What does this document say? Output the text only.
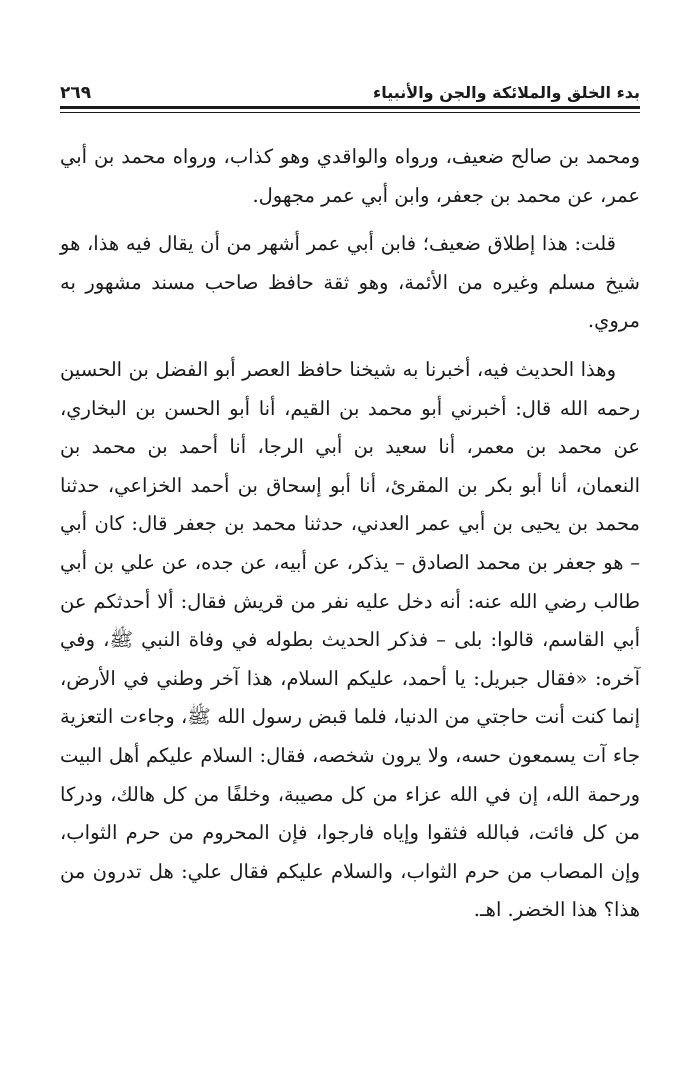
بدء الخلق والملائكة والجن والأنبياء
٢٦٩

ومحمد بن صالح ضعيف، ورواه والواقدي وهو كذاب، ورواه محمد بن أبي عمر، عن محمد بن جعفر، وابن أبي عمر مجهول.

قلت: هذا إطلاق ضعيف؛ فابن أبي عمر أشهر من أن يقال فيه هذا، هو شيخ مسلم وغيره من الأئمة، وهو ثقة حافظ صاحب مسند مشهور به مروي.

وهذا الحديث فيه، أخبرنا به شيخنا حافظ العصر أبو الفضل بن الحسين رحمه الله قال: أخبرني أبو محمد بن القيم، أنا أبو الحسن بن البخاري، عن محمد بن معمر، أنا سعيد بن أبي الرجا، أنا أحمد بن محمد بن النعمان، أنا أبو بكر بن المقرئ، أنا أبو إسحاق بن أحمد الخزاعي، حدثنا محمد بن يحيى بن أبي عمر العدني، حدثنا محمد بن جعفر قال: كان أبي – هو جعفر بن محمد الصادق – يذكر، عن أبيه، عن جده، عن علي بن أبي طالب رضي الله عنه: أنه دخل عليه نفر من قريش فقال: ألا أحدثكم عن أبي القاسم، قالوا: بلى – فذكر الحديث بطوله في وفاة النبي ﷺ، وفي آخره: «فقال جبريل: يا أحمد، عليكم السلام، هذا آخر وطني في الأرض، إنما كنت أنت حاجتي من الدنيا، فلما قبض رسول الله ﷺ، وجاءت التعزية جاء آت يسمعون حسه، ولا يرون شخصه، فقال: السلام عليكم أهل البيت ورحمة الله، إن في الله عزاء من كل مصيبة، وخلفًا من كل هالك، ودركا من كل فائت، فبالله فثقوا وإياه فارجوا، فإن المحروم من حرم الثواب، وإن المصاب من حرم الثواب، والسلام عليكم فقال علي: هل تدرون من هذا؟ هذا الخضر. اهـ.
